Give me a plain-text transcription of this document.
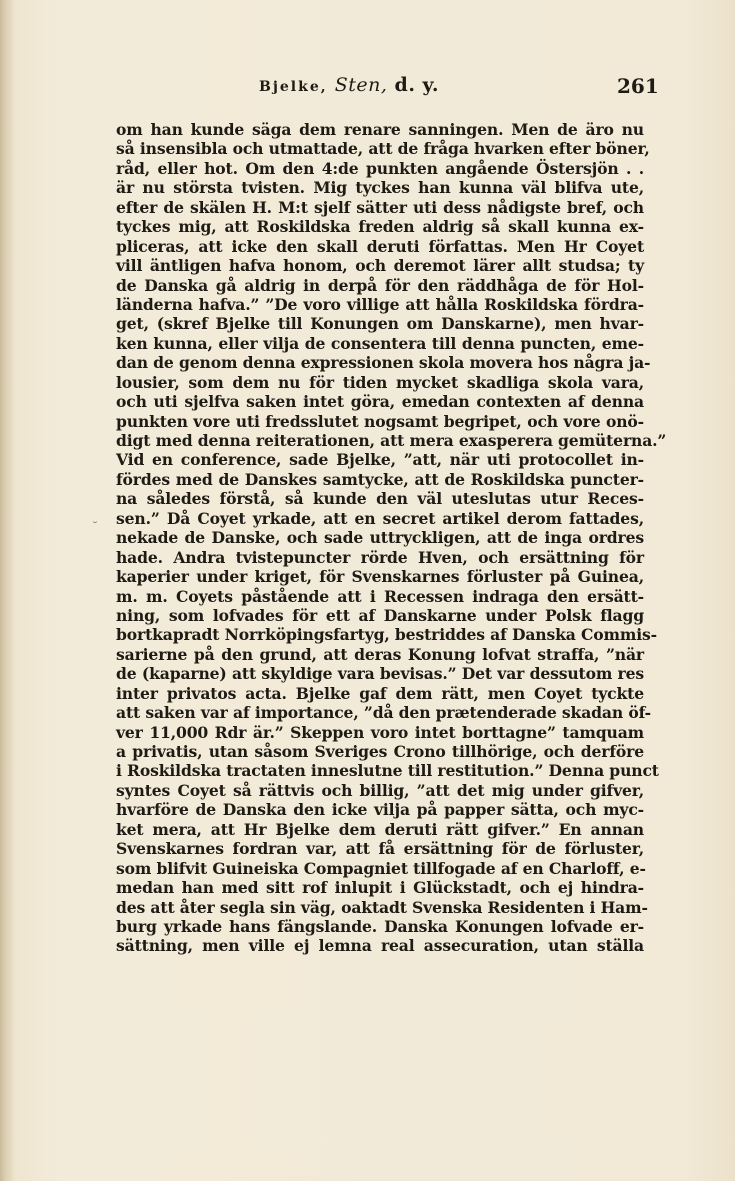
Bjelke, Sten, d. y.	261
om han kunde säga dem renare sanningen. Men de äro nu
så insensibla och utmattade, att de fråga hvarken efter böner,
råd, eller hot. Om den 4:de punkten angående Östersjön . .
är nu största tvisten. Mig tyckes han kunna väl blifva ute,
efter de skälen H. M:t sjelf sätter uti dess nådigste bref, och
tyckes mig, att Roskildska freden aldrig så skall kunna ex-
pliceras, att icke den skall deruti författas. Men Hr Coyet
vill äntligen hafva honom, och deremot lärer allt studsa; ty
de Danska gå aldrig in derpå för den räddhåga de för Hol-
länderna hafva.” ”De voro villige att hålla Roskildska fördra-
get, (skref Bjelke till Konungen om Danskarne), men hvar-
ken kunna, eller vilja de consentera till denna puncten, eme-
dan de genom denna expressionen skola movera hos några ja-
lousier, som dem nu för tiden mycket skadliga skola vara,
och uti sjelfva saken intet göra, emedan contexten af denna
punkten vore uti fredsslutet nogsamt begripet, och vore onö-
digt med denna reiterationen, att mera exasperera gemüterna.”
Vid en conference, sade Bjelke, ”att, när uti protocollet in-
fördes med de Danskes samtycke, att de Roskildska puncter-
na således förstå, så kunde den väl uteslutas utur Reces-
sen.” Då Coyet yrkade, att en secret artikel derom fattades,
nekade de Danske, och sade uttryckligen, att de inga ordres
hade. Andra tvistepuncter rörde Hven, och ersättning för
kaperier under kriget, för Svenskarnes förluster på Guinea,
m. m. Coyets påstående att i Recessen indraga den ersätt-
ning, som lofvades för ett af Danskarne under Polsk flagg
bortkapradt Norrköpingsfartyg, bestriddes af Danska Commis-
sarierne på den grund, att deras Konung lofvat straffa, ”när
de (kaparne) att skyldige vara bevisas.” Det var dessutom res
inter privatos acta. Bjelke gaf dem rätt, men Coyet tyckte
att saken var af importance, ”då den prætenderade skadan öf-
ver 11,000 Rdr är.” Skeppen voro intet borttagne” tamquam
a privatis, utan såsom Sveriges Crono tillhörige, och derföre
i Roskildska tractaten inneslutne till restitution.” Denna punct
syntes Coyet så rättvis och billig, ”att det mig under gifver,
hvarföre de Danska den icke vilja på papper sätta, och myc-
ket mera, att Hr Bjelke dem deruti rätt gifver.” En annan
Svenskarnes fordran var, att få ersättning för de förluster,
som blifvit Guineiska Compagniet tillfogade af en Charloff, e-
medan han med sitt rof inlupit i Glückstadt, och ej hindra-
des att åter segla sin väg, oaktadt Svenska Residenten i Ham-
burg yrkade hans fängslande. Danska Konungen lofvade er-
sättning, men ville ej lemna real assecuration, utan ställa
˘
